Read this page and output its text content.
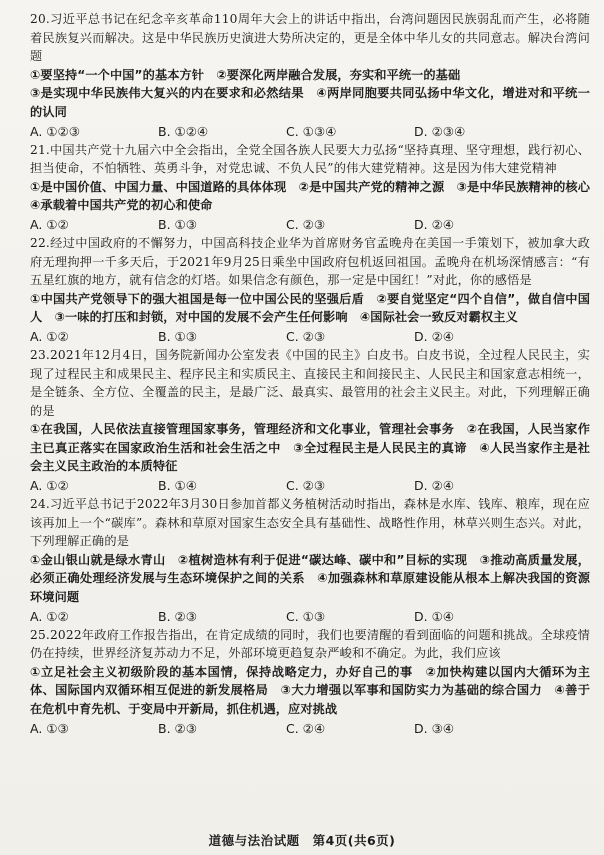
20.习近平总书记在纪念辛亥革命110周年大会上的讲话中指出，台湾问题因民族弱乱而产生，必将随着民族复兴而解决。这是中华民族历史演进大势所决定的，更是全体中华儿女的共同意志。解决台湾问题

①要坚持“一个中国”的基本方针　②要深化两岸融合发展，夯实和平统一的基础

③是实现中华民族伟大复兴的内在要求和必然结果　④两岸同胞要共同弘扬中华文化，增进对和平统一的认同

A. ①②③	B. ①②④	C. ①③④	D. ②③④

21.中国共产党十九届六中全会指出，全党全国各族人民要大力弘扬“坚持真理、坚守理想，践行初心、担当使命，不怕牺牲、英勇斗争，对党忠诚、不负人民”的伟大建党精神。这是因为伟大建党精神

①是中国价值、中国力量、中国道路的具体体现　②是中国共产党的精神之源　③是中华民族精神的核心　④承载着中国共产党的初心和使命

A. ①②	B. ①③	C. ②③	D. ②④

22.经过中国政府的不懈努力，中国高科技企业华为首席财务官孟晚舟在美国一手策划下，被加拿大政府无理拘押一千多天后，于2021年9月25日乘坐中国政府包机返回祖国。孟晚舟在机场深情感言：“有五星红旗的地方，就有信念的灯塔。如果信念有颜色，那一定是中国红！”对此，你的感悟是

①中国共产党领导下的强大祖国是每一位中国公民的坚强后盾　②要自觉坚定“四个自信”，做自信中国人　③一味的打压和封锁，对中国的发展不会产生任何影响　④国际社会一致反对霸权主义

A. ①②	B. ①③	C. ②③	D. ②④

23.2021年12月4日，国务院新闻办公室发表《中国的民主》白皮书。白皮书说，全过程人民民主，实现了过程民主和成果民主、程序民主和实质民主、直接民主和间接民主、人民民主和国家意志相统一，是全链条、全方位、全覆盖的民主，是最广泛、最真实、最管用的社会主义民主。对此，下列理解正确的是

①在我国，人民依法直接管理国家事务，管理经济和文化事业，管理社会事务　②在我国，人民当家作主已真正落实在国家政治生活和社会生活之中　③全过程民主是人民民主的真谛　④人民当家作主是社会主义民主政治的本质特征

A. ①②	B. ①④	C. ②③	D. ②④

24.习近平总书记于2022年3月30日参加首都义务植树活动时指出，森林是水库、钱库、粮库，现在应该再加上一个“碳库”。森林和草原对国家生态安全具有基础性、战略性作用，林草兴则生态兴。对此，下列理解正确的是

①金山银山就是绿水青山　②植树造林有利于促进“碳达峰、碳中和”目标的实现　③推动高质量发展，必须正确处理经济发展与生态环境保护之间的关系　④加强森林和草原建设能从根本上解决我国的资源环境问题

A. ①②	B. ②③	C. ①③	D. ①④

25.2022年政府工作报告指出，在肯定成绩的同时，我们也要清醒的看到面临的问题和挑战。全球疫情仍在持续，世界经济复苏动力不足，外部环境更趋复杂严峻和不确定。为此，我们应该

①立足社会主义初级阶段的基本国情，保持战略定力，办好自己的事　②加快构建以国内大循环为主体、国际国内双循环相互促进的新发展格局　③大力增强以军事和国防实力为基础的综合国力　④善于在危机中育先机、于变局中开新局，抓住机遇，应对挑战

A. ①③	B. ②③	C. ②④	D. ③④
道德与法治试题　第4页(共6页)
